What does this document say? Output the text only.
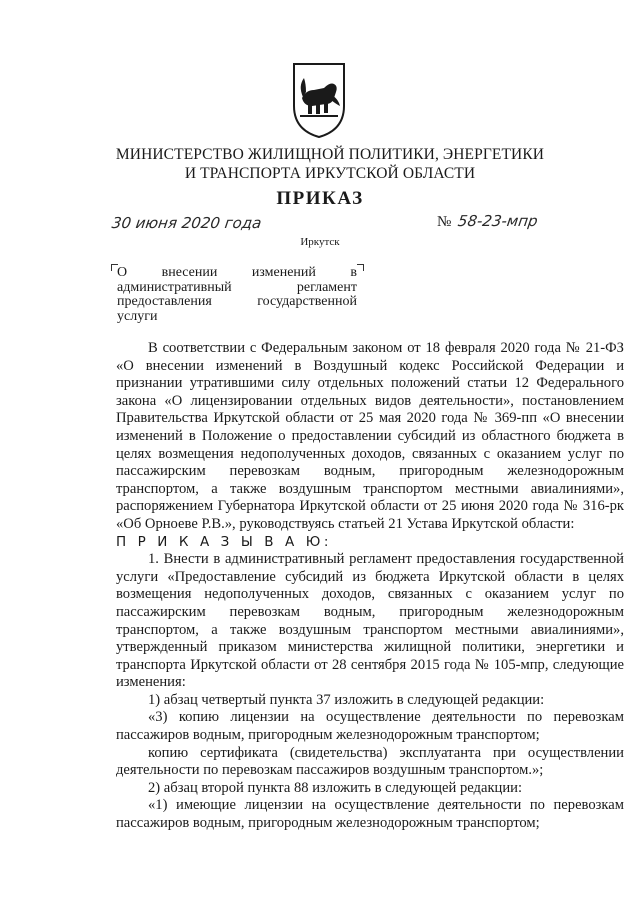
МИНИСТЕРСТВО ЖИЛИЩНОЙ ПОЛИТИКИ, ЭНЕРГЕТИКИ
И ТРАНСПОРТА ИРКУТСКОЙ ОБЛАСТИ
ПРИКАЗ
30 июня 2020 года	№ 58-23-мпр
Иркутск
О внесении изменений в административный регламент предоставления государственной услуги

В соответствии с Федеральным законом от 18 февраля 2020 года № 21-ФЗ «О внесении изменений в Воздушный кодекс Российской Федерации и признании утратившими силу отдельных положений статьи 12 Федерального закона «О лицензировании отдельных видов деятельности», постановлением Правительства Иркутской области от 25 мая 2020 года № 369-пп «О внесении изменений в Положение о предоставлении субсидий из областного бюджета в целях возмещения недополученных доходов, связанных с оказанием услуг по пассажирским перевозкам водным, пригородным железнодорожным транспортом, а также воздушным транспортом местными авиалиниями», распоряжением Губернатора Иркутской области от 25 июня 2020 года № 316-рк «Об Орноеве Р.В.», руководствуясь статьей 21 Устава Иркутской области:

П Р И К А З Ы В А Ю:

1. Внести в административный регламент предоставления государственной услуги «Предоставление субсидий из бюджета Иркутской области в целях возмещения недополученных доходов, связанных с оказанием услуг по пассажирским перевозкам водным, пригородным железнодорожным транспортом, а также воздушным транспортом местными авиалиниями», утвержденный приказом министерства жилищной политики, энергетики и транспорта Иркутской области от 28 сентября 2015 года № 105-мпр, следующие изменения:

1) абзац четвертый пункта 37 изложить в следующей редакции:

«3) копию лицензии на осуществление деятельности по перевозкам пассажиров водным, пригородным железнодорожным транспортом;

копию сертификата (свидетельства) эксплуатанта при осуществлении деятельности по перевозкам пассажиров воздушным транспортом.»;

2) абзац второй пункта 88 изложить в следующей редакции:

«1) имеющие лицензии на осуществление деятельности по перевозкам пассажиров водным, пригородным железнодорожным транспортом;
